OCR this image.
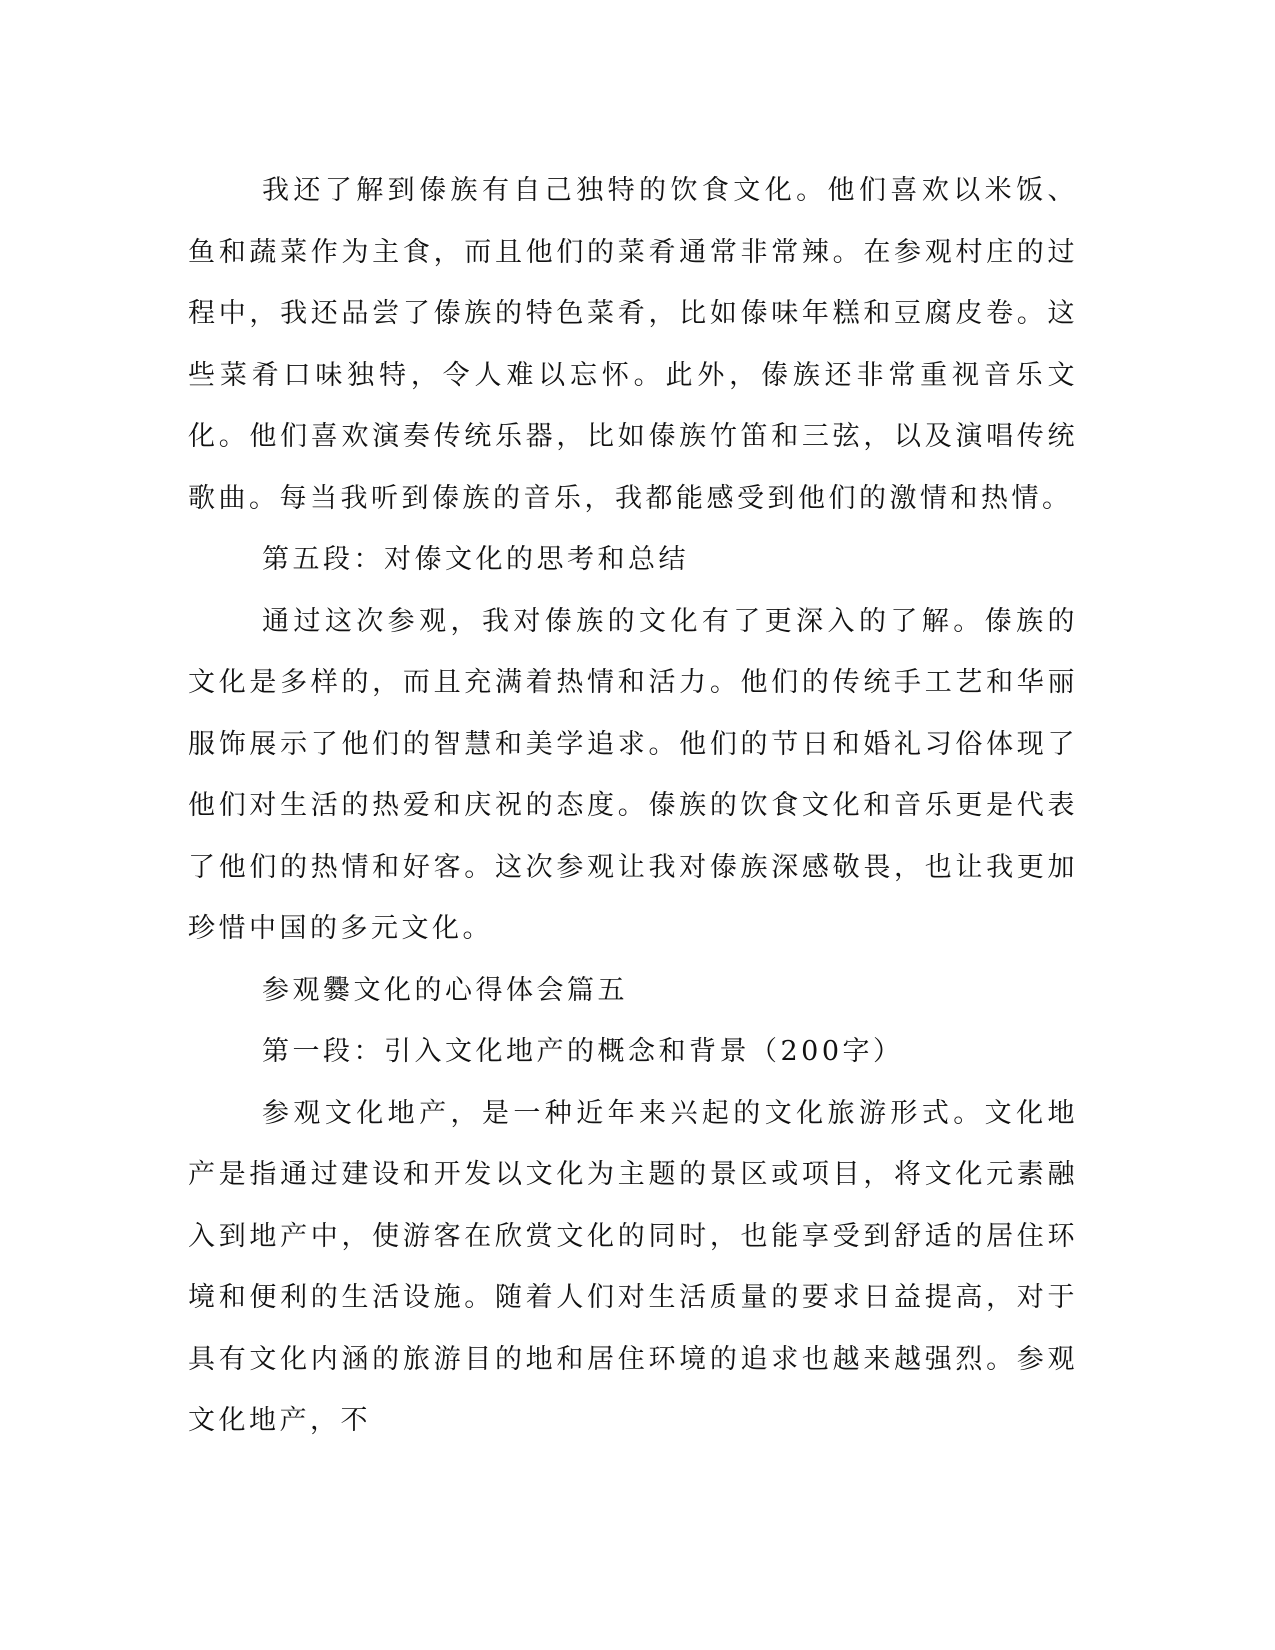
我还了解到傣族有自己独特的饮食文化。他们喜欢以米饭、鱼和蔬菜作为主食，而且他们的菜肴通常非常辣。在参观村庄的过程中，我还品尝了傣族的特色菜肴，比如傣味年糕和豆腐皮卷。这些菜肴口味独特，令人难以忘怀。此外，傣族还非常重视音乐文化。他们喜欢演奏传统乐器，比如傣族竹笛和三弦，以及演唱传统歌曲。每当我听到傣族的音乐，我都能感受到他们的激情和热情。

第五段：对傣文化的思考和总结

通过这次参观，我对傣族的文化有了更深入的了解。傣族的文化是多样的，而且充满着热情和活力。他们的传统手工艺和华丽服饰展示了他们的智慧和美学追求。他们的节日和婚礼习俗体现了他们对生活的热爱和庆祝的态度。傣族的饮食文化和音乐更是代表了他们的热情和好客。这次参观让我对傣族深感敬畏，也让我更加珍惜中国的多元文化。

参观爨文化的心得体会篇五

第一段：引入文化地产的概念和背景（200字）

参观文化地产，是一种近年来兴起的文化旅游形式。文化地产是指通过建设和开发以文化为主题的景区或项目，将文化元素融入到地产中，使游客在欣赏文化的同时，也能享受到舒适的居住环境和便利的生活设施。随着人们对生活质量的要求日益提高，对于具有文化内涵的旅游目的地和居住环境的追求也越来越强烈。参观文化地产，不
